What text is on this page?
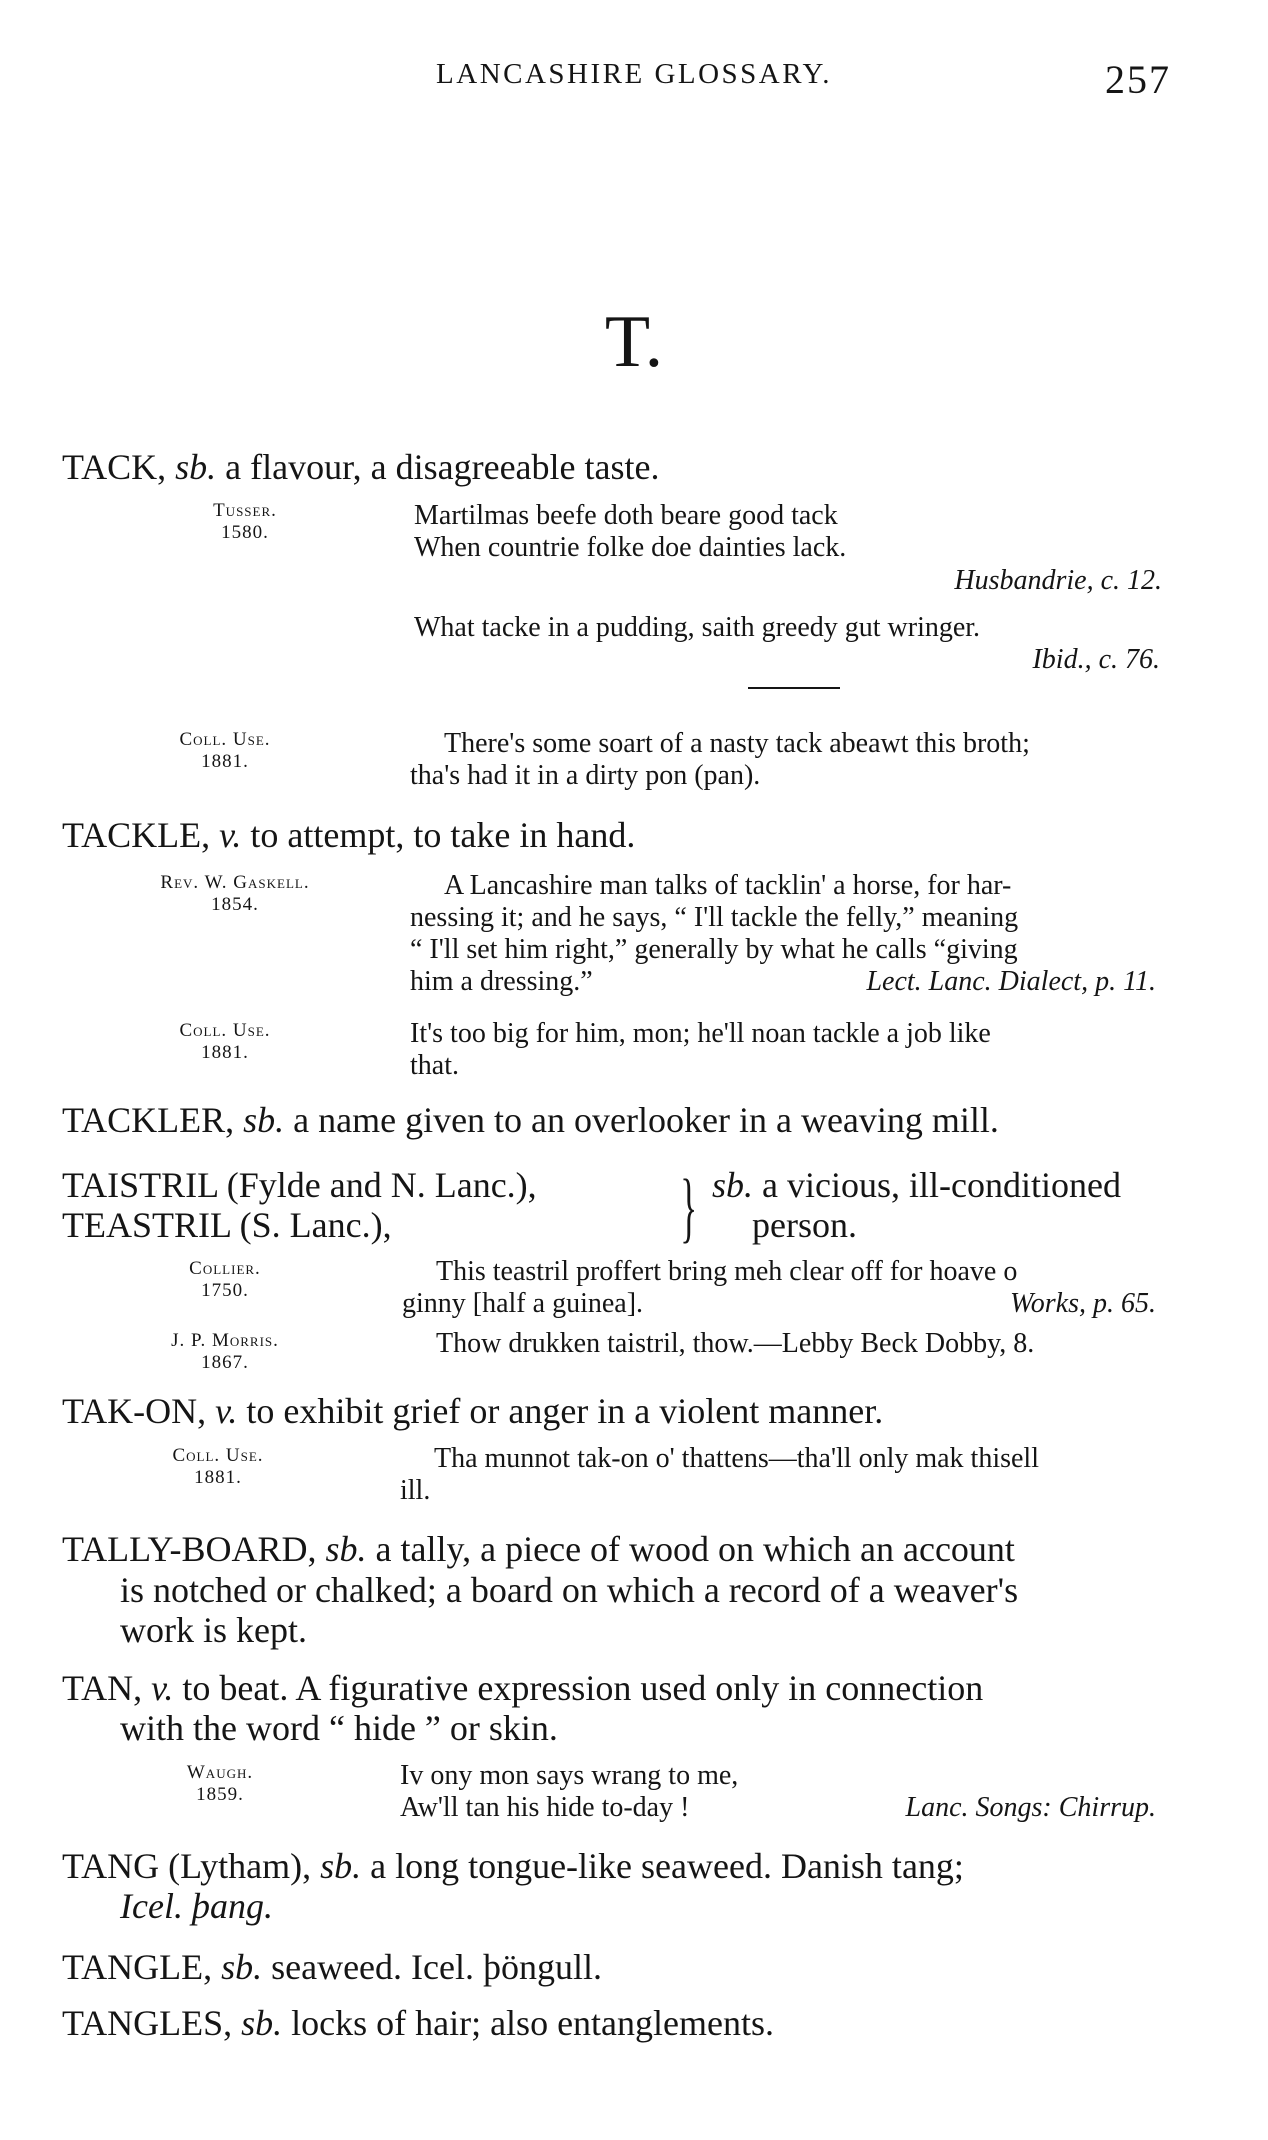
LANCASHIRE GLOSSARY.	257
T.
TACK, sb. a flavour, a disagreeable taste.
Tusser.
1580.
Martilmas beefe doth beare good tack
When countrie folke doe dainties lack.
Husbandrie, c. 12.
What tacke in a pudding, saith greedy gut wringer.
Ibid., c. 76.
Coll. Use.
1881.
There's some soart of a nasty tack abeawt this broth;
tha's had it in a dirty pon (pan).
TACKLE, v. to attempt, to take in hand.
Rev. W. Gaskell.
1854.
A Lancashire man talks of tacklin' a horse, for har-
nessing it; and he says, “ I'll tackle the felly,” meaning
“ I'll set him right,” generally by what he calls “giving
him a dressing.”	Lect. Lanc. Dialect, p. 11.
Coll. Use.
1881.
It's too big for him, mon; he'll noan tackle a job like
that.
TACKLER, sb. a name given to an overlooker in a weaving mill.
TAISTRIL (Fylde and N. Lanc.),
TEASTRIL (S. Lanc.),	} sb. a vicious, ill-conditioned
person.
Collier.
1750.
This teastril proffert bring meh clear off for hoave o
ginny [half a guinea].	Works, p. 65.
J. P. Morris.
1867.
Thow drukken taistril, thow.—Lebby Beck Dobby, 8.
TAK-ON, v. to exhibit grief or anger in a violent manner.
Coll. Use.
1881.
Tha munnot tak-on o' thattens—tha'll only mak thisell
ill.
TALLY-BOARD, sb. a tally, a piece of wood on which an account
is notched or chalked; a board on which a record of a weaver's
work is kept.
TAN, v. to beat. A figurative expression used only in connection
with the word “ hide ” or skin.
Waugh.
1859.
Iv ony mon says wrang to me,
Aw'll tan his hide to-day !	Lanc. Songs: Chirrup.
TANG (Lytham), sb. a long tongue-like seaweed. Danish tang;
Icel. þang.
TANGLE, sb. seaweed. Icel. þöngull.
TANGLES, sb. locks of hair; also entanglements.
